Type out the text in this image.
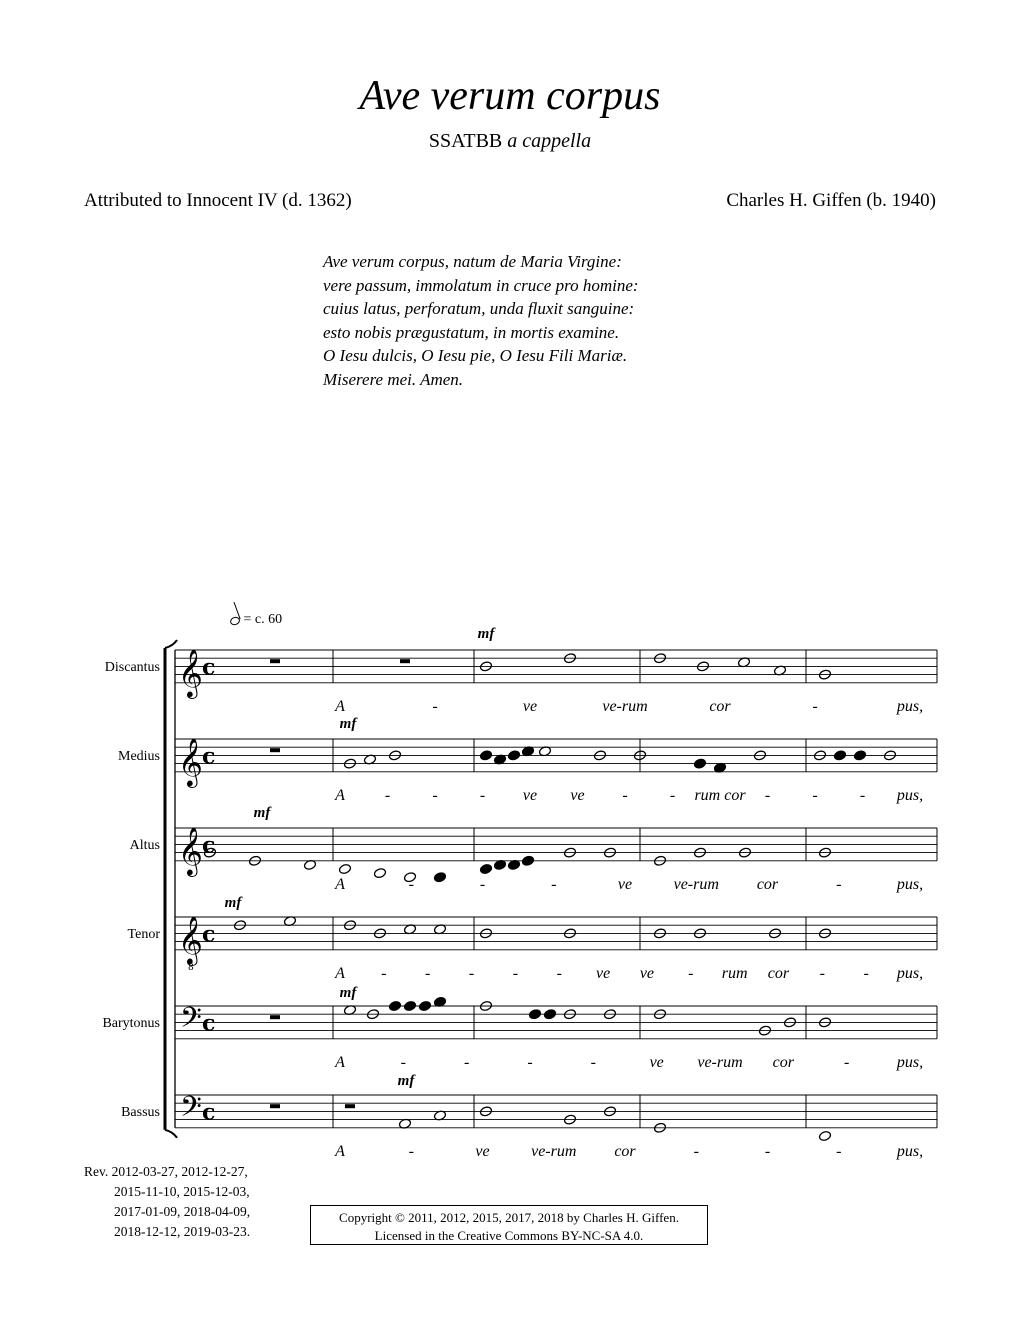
Ave verum corpus
SSATBB a cappella
Attributed to Innocent IV (d. 1362)	Charles H. Giffen (b. 1940)
Ave verum corpus, natum de Maria Virgine:
vere passum, immolatum in cruce pro homine:
cuius latus, perforatum, unda fluxit sanguine:
esto nobis prægustatum, in mortis examine.
O Iesu dulcis, O Iesu pie, O Iesu Fili Mariæ.
Miserere mei. Amen.
= c. 60
Discantus
Medius
Altus
Tenor
Barytonus
Bassus
𝄞 c
A	-	ve	ve-rum	cor	-	pus,
𝄞 c
A -	-	- ve ve -	- rum cor -	-	- pus,
𝄞 c
A	-	-	-	ve	ve-rum cor	-	pus,
𝄞
8
c
A - - - - - ve ve - rum cor - - pus,
𝄢 c
A	-	-	-	-	ve ve-rum cor	-	pus,
𝄢 c
A	-	ve	ve-rum cor	-	-	-	pus,
mf
mf
mf
mf
mf
mf
Rev. 2012-03-27, 2012-12-27,
2015-11-10, 2015-12-03,
2017-01-09, 2018-04-09,
2018-12-12, 2019-03-23.
Copyright © 2011, 2012, 2015, 2017, 2018 by Charles H. Giffen.
Licensed in the Creative Commons BY-NC-SA 4.0.
